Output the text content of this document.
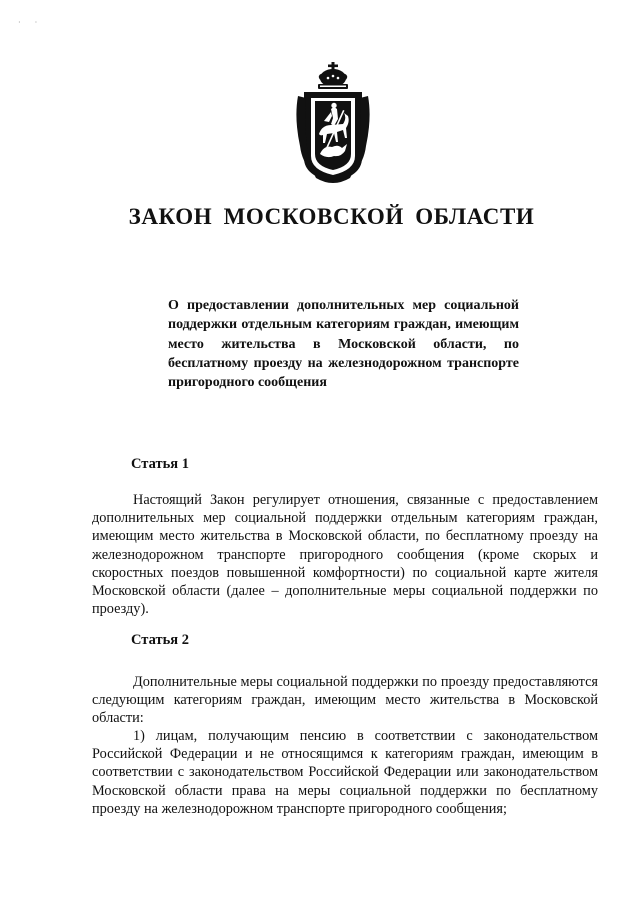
· ·
ЗАКОН МОСКОВСКОЙ ОБЛАСТИ
О предоставлении дополнительных мер социальной поддержки отдельным категориям граждан, имеющим место жительства в Московской области, по бесплатному проезду на железнодорожном транспорте пригородного сообщения
Статья 1

Настоящий Закон регулирует отношения, связанные с предоставлением дополнительных мер социальной поддержки отдельным категориям граждан, имеющим место жительства в Московской области, по бесплатному проезду на железнодорожном транспорте пригородного сообщения (кроме скорых и скоростных поездов повышенной комфортности) по социальной карте жителя Московской области (далее – дополнительные меры социальной поддержки по проезду).

Статья 2

Дополнительные меры социальной поддержки по проезду предоставляются следующим категориям граждан, имеющим место жительства в Московской области:

1) лицам, получающим пенсию в соответствии с законодательством Российской Федерации и не относящимся к категориям граждан, имеющим в соответствии с законодательством Российской Федерации или законодательством Московской области права на меры социальной поддержки по бесплатному проезду на железнодорожном транспорте пригородного сообщения;
